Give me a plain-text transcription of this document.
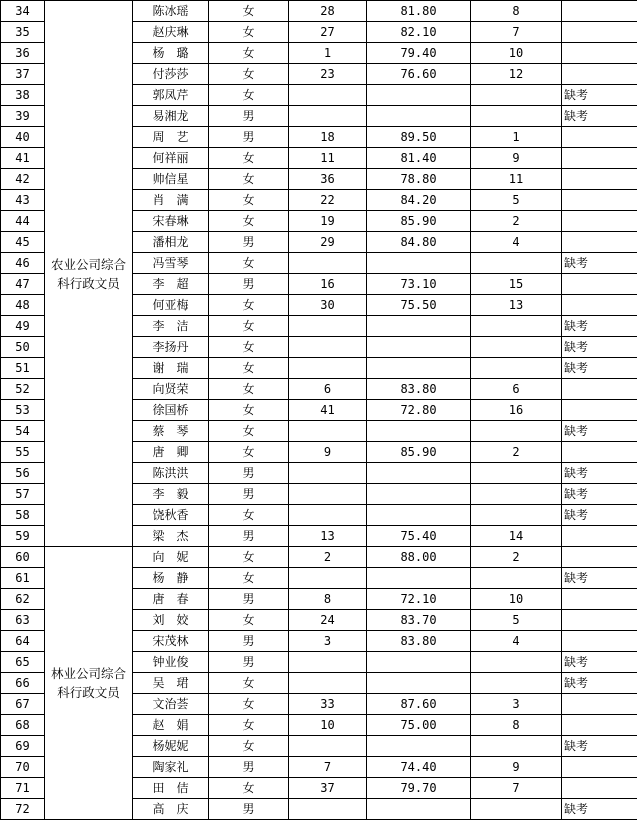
34	农业公司综合科行政文员	陈冰瑶	女	28	81.80	8	
35		赵庆琳	女	27	82.10	7	
36		杨　璐	女	1	79.40	10	
37		付莎莎	女	23	76.60	12	
38		郭凤芹	女				缺考
39		易湘龙	男				缺考
40		周　艺	男	18	89.50	1	
41		何祥丽	女	11	81.40	9	
42		帅信星	女	36	78.80	11	
43		肖　满	女	22	84.20	5	
44		宋春琳	女	19	85.90	2	
45		潘相龙	男	29	84.80	4	
46		冯雪琴	女				缺考
47		李　超	男	16	73.10	15	
48		何亚梅	女	30	75.50	13	
49		李　洁	女				缺考
50		李扬丹	女				缺考
51		谢　瑞	女				缺考
52		向贤荣	女	6	83.80	6	
53		徐国桥	女	41	72.80	16	
54		蔡　琴	女				缺考
55		唐　卿	女	9	85.90	2	
56		陈洪洪	男				缺考
57		李　毅	男				缺考
58		饶秋香	女				缺考
59		梁　杰	男	13	75.40	14	
60	林业公司综合科行政文员	向　妮	女	2	88.00	2	
61		杨　静	女				缺考
62		唐　春	男	8	72.10	10	
63		刘　姣	女	24	83.70	5	
64		宋茂林	男	3	83.80	4	
65		钟业俊	男				缺考
66		吴　珺	女				缺考
67		文治荟	女	33	87.60	3	
68		赵　娟	女	10	75.00	8	
69		杨妮妮	女				缺考
70		陶家礼	男	7	74.40	9	
71		田　佶	女	37	79.70	7	
72		高　庆	男				缺考
